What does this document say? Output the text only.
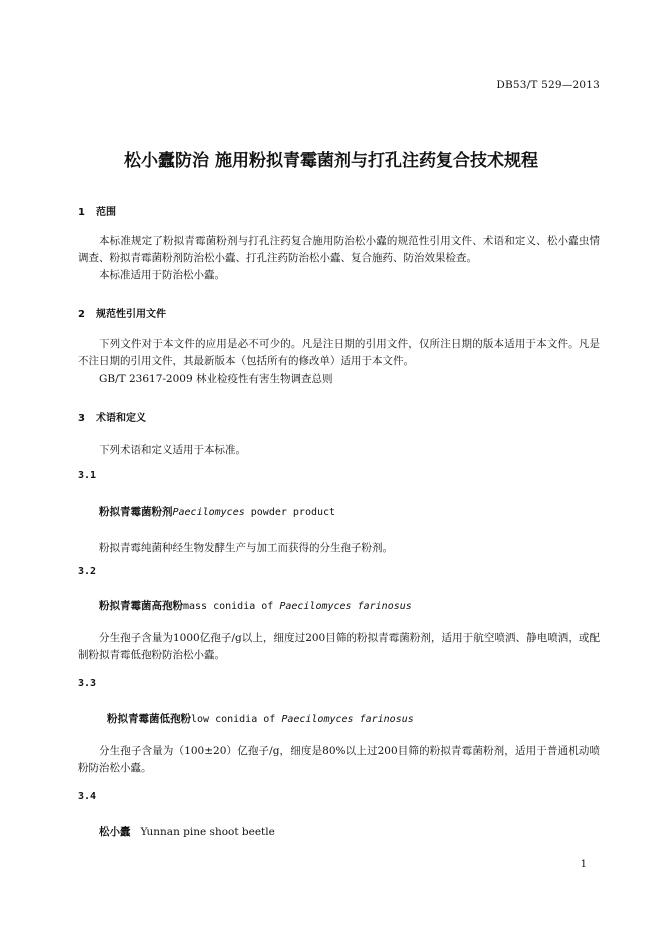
DB53/T 529—2013
松小蠹防治 施用粉拟青霉菌剂与打孔注药复合技术规程
1 范围

本标准规定了粉拟青霉菌粉剂与打孔注药复合施用防治松小蠹的规范性引用文件、术语和定义、松小蠹虫情调查、粉拟青霉菌粉剂防治松小蠹、打孔注药防治松小蠹、复合施药、防治效果检查。

本标准适用于防治松小蠹。

2 规范性引用文件

下列文件对于本文件的应用是必不可少的。凡是注日期的引用文件，仅所注日期的版本适用于本文件。凡是不注日期的引用文件，其最新版本（包括所有的修改单）适用于本文件。

GB/T 23617-2009 林业检疫性有害生物调查总则
3 术语和定义
下列术语和定义适用于本标准。
3.1
粉拟青霉菌粉剂Paecilomyces powder product
粉拟青霉纯菌种经生物发酵生产与加工而获得的分生孢子粉剂。
3.2
粉拟青霉菌高孢粉mass conidia of Paecilomyces farinosus

分生孢子含量为1000亿孢子/g以上，细度过200目筛的粉拟青霉菌粉剂，适用于航空喷洒、静电喷洒，或配制粉拟青霉低孢粉防治松小蠹。

3.3
粉拟青霉菌低孢粉low conidia of Paecilomyces farinosus

分生孢子含量为（100±20）亿孢子/g，细度是80%以上过200目筛的粉拟青霉菌粉剂，适用于普通机动喷粉防治松小蠹。

3.4
松小蠹 Yunnan pine shoot beetle
1
